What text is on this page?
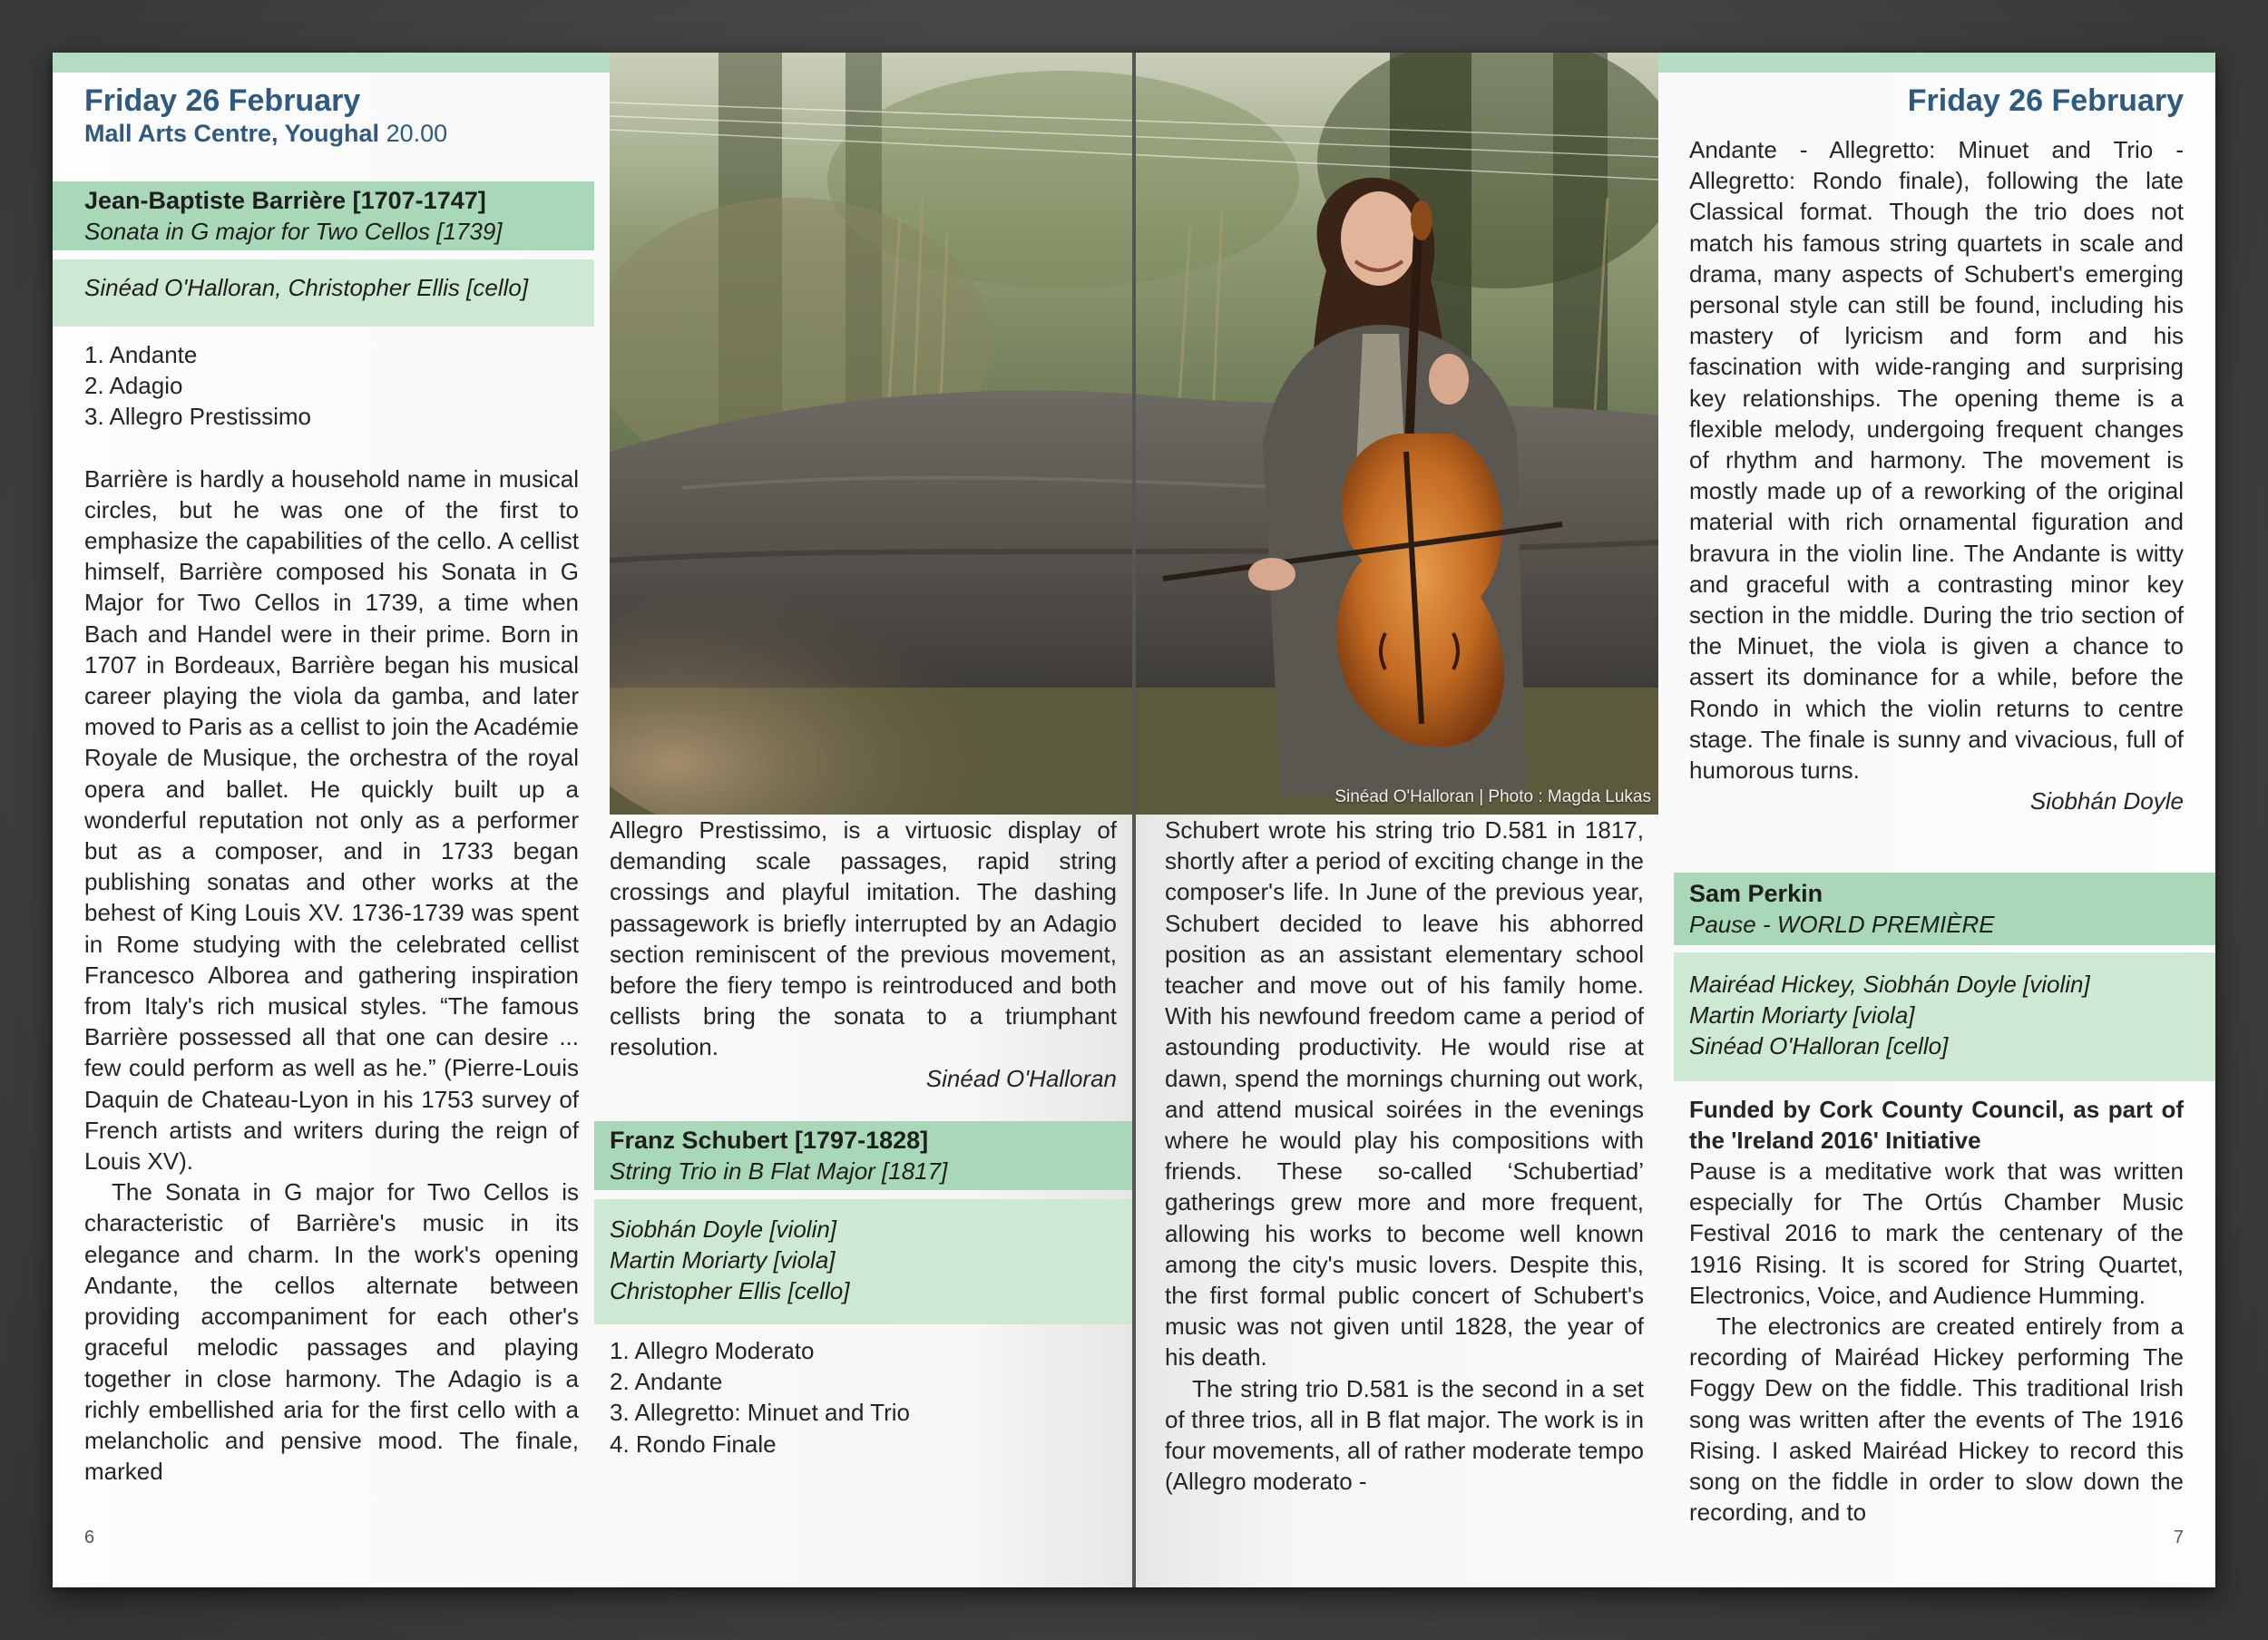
Sinéad O'Halloran | Photo : Magda Lukas
Friday 26 February
Mall Arts Centre, Youghal 20.00
Jean-Baptiste Barrière [1707-1747]
Sonata in G major for Two Cellos [1739]
Sinéad O'Halloran, Christopher Ellis [cello]
1. Andante
2. Adagio
3. Allegro Prestissimo

Barrière is hardly a household name in musical circles, but he was one of the first to emphasize the capabilities of the cello. A cellist himself, Barrière composed his Sonata in G Major for Two Cellos in 1739, a time when Bach and Handel were in their prime. Born in 1707 in Bordeaux, Barrière began his musical career playing the viola da gamba, and later moved to Paris as a cellist to join the Académie Royale de Musique, the orchestra of the royal opera and ballet. He quickly built up a wonderful reputation not only as a performer but as a composer, and in 1733 began publishing sonatas and other works at the behest of King Louis XV. 1736-1739 was spent in Rome studying with the celebrated cellist Francesco Alborea and gathering inspiration from Italy's rich musical styles. “The famous Barrière possessed all that one can desire ... few could perform as well as he.” (Pierre-Louis Daquin de Chateau-Lyon in his 1753 survey of French artists and writers during the reign of Louis XV).

The Sonata in G major for Two Cellos is characteristic of Barrière's music in its elegance and charm. In the work's opening Andante, the cellos alternate between providing accompaniment for each other's graceful melodic passages and playing together in close harmony. The Adagio is a richly embellished aria for the first cello with a melancholic and pensive mood. The finale, marked

Allegro Prestissimo, is a virtuosic display of demanding scale passages, rapid string crossings and playful imitation. The dashing passagework is briefly interrupted by an Adagio section reminiscent of the previous movement, before the fiery tempo is reintroduced and both cellists bring the sonata to a triumphant resolution.

Sinéad O'Halloran
Franz Schubert [1797-1828]
String Trio in B Flat Major [1817]
Siobhán Doyle [violin]
Martin Moriarty [viola]
Christopher Ellis [cello]
1. Allegro Moderato
2. Andante
3. Allegretto: Minuet and Trio
4. Rondo Finale
6
Friday 26 February

Schubert wrote his string trio D.581 in 1817, shortly after a period of exciting change in the composer's life. In June of the previous year, Schubert decided to leave his abhorred position as an assistant elementary school teacher and move out of his family home. With his newfound freedom came a period of astounding productivity. He would rise at dawn, spend the mornings churning out work, and attend musical soirées in the evenings where he would play his compositions with friends. These so-called ‘Schubertiad’ gatherings grew more and more frequent, allowing his works to become well known among the city's music lovers. Despite this, the first formal public concert of Schubert's music was not given until 1828, the year of his death.

The string trio D.581 is the second in a set of three trios, all in B flat major. The work is in four movements, all of rather moderate tempo (Allegro moderato -

Andante - Allegretto: Minuet and Trio - Allegretto: Rondo finale), following the late Classical format. Though the trio does not match his famous string quartets in scale and drama, many aspects of Schubert's emerging personal style can still be found, including his mastery of lyricism and form and his fascination with wide-ranging and surprising key relationships. The opening theme is a flexible melody, undergoing frequent changes of rhythm and harmony. The movement is mostly made up of a reworking of the original material with rich ornamental figuration and bravura in the violin line. The Andante is witty and graceful with a contrasting minor key section in the middle. During the trio section of the Minuet, the viola is given a chance to assert its dominance for a while, before the Rondo in which the violin returns to centre stage. The finale is sunny and vivacious, full of humorous turns.

Siobhán Doyle
Sam Perkin
Pause - WORLD PREMIÈRE
Mairéad Hickey, Siobhán Doyle [violin]
Martin Moriarty [viola]
Sinéad O'Halloran [cello]

Funded by Cork County Council, as part of the 'Ireland 2016' Initiative

Pause is a meditative work that was written especially for The Ortús Chamber Music Festival 2016 to mark the centenary of the 1916 Rising. It is scored for String Quartet, Electronics, Voice, and Audience Humming.

The electronics are created entirely from a recording of Mairéad Hickey performing The Foggy Dew on the fiddle. This traditional Irish song was written after the events of The 1916 Rising. I asked Mairéad Hickey to record this song on the fiddle in order to slow down the recording, and to

7
